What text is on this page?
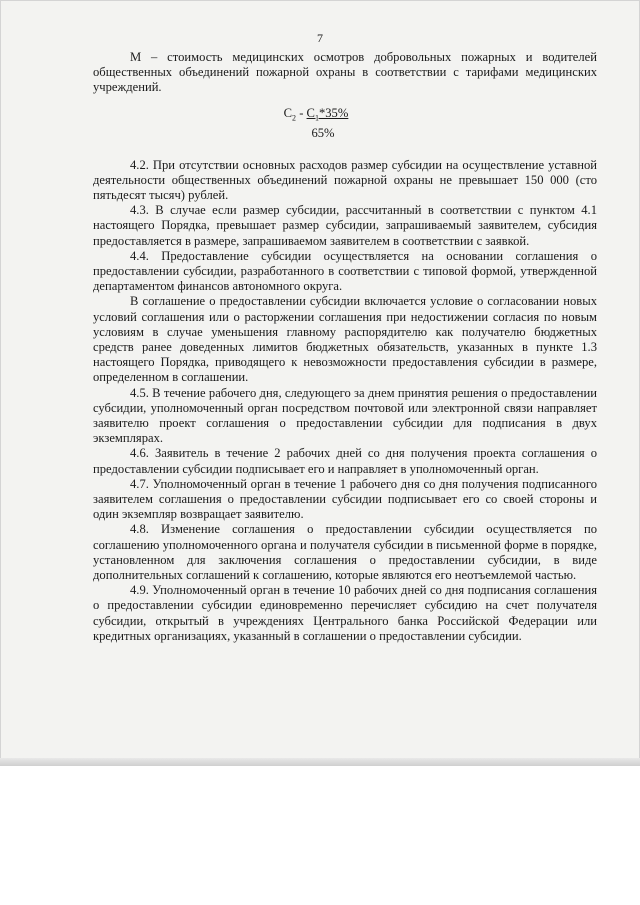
7

М – стоимость медицинских осмотров добровольных пожарных и водителей общественных объединений пожарной охраны в соответствии с тарифами медицинских учреждений.

$С_2 - С_1*35\%$
65%

4.2. При отсутствии основных расходов размер субсидии на осуществление уставной деятельности общественных объединений пожарной охраны не превышает 150 000 (сто пятьдесят тысяч) рублей.

4.3. В случае если размер субсидии, рассчитанный в соответствии с пунктом 4.1 настоящего Порядка, превышает размер субсидии, запрашиваемый заявителем, субсидия предоставляется в размере, запрашиваемом заявителем в соответствии с заявкой.

4.4. Предоставление субсидии осуществляется на основании соглашения о предоставлении субсидии, разработанного в соответствии с типовой формой, утвержденной департаментом финансов автономного округа.

В соглашение о предоставлении субсидии включается условие о согласовании новых условий соглашения или о расторжении соглашения при недостижении согласия по новым условиям в случае уменьшения главному распорядителю как получателю бюджетных средств ранее доведенных лимитов бюджетных обязательств, указанных в пункте 1.3 настоящего Порядка, приводящего к невозможности предоставления субсидии в размере, определенном в соглашении.

4.5. В течение рабочего дня, следующего за днем принятия решения о предоставлении субсидии, уполномоченный орган посредством почтовой или электронной связи направляет заявителю проект соглашения о предоставлении субсидии для подписания в двух экземплярах.

4.6. Заявитель в течение 2 рабочих дней со дня получения проекта соглашения о предоставлении субсидии подписывает его и направляет в уполномоченный орган.

4.7. Уполномоченный орган в течение 1 рабочего дня со дня получения подписанного заявителем соглашения о предоставлении субсидии подписывает его со своей стороны и один экземпляр возвращает заявителю.

4.8. Изменение соглашения о предоставлении субсидии осуществляется по соглашению уполномоченного органа и получателя субсидии в письменной форме в порядке, установленном для заключения соглашения о предоставлении субсидии, в виде дополнительных соглашений к соглашению, которые являются его неотъемлемой частью.

4.9. Уполномоченный орган в течение 10 рабочих дней со дня подписания соглашения о предоставлении субсидии единовременно перечисляет субсидию на счет получателя субсидии, открытый в учреждениях Центрального банка Российской Федерации или кредитных организациях, указанный в соглашении о предоставлении субсидии.
